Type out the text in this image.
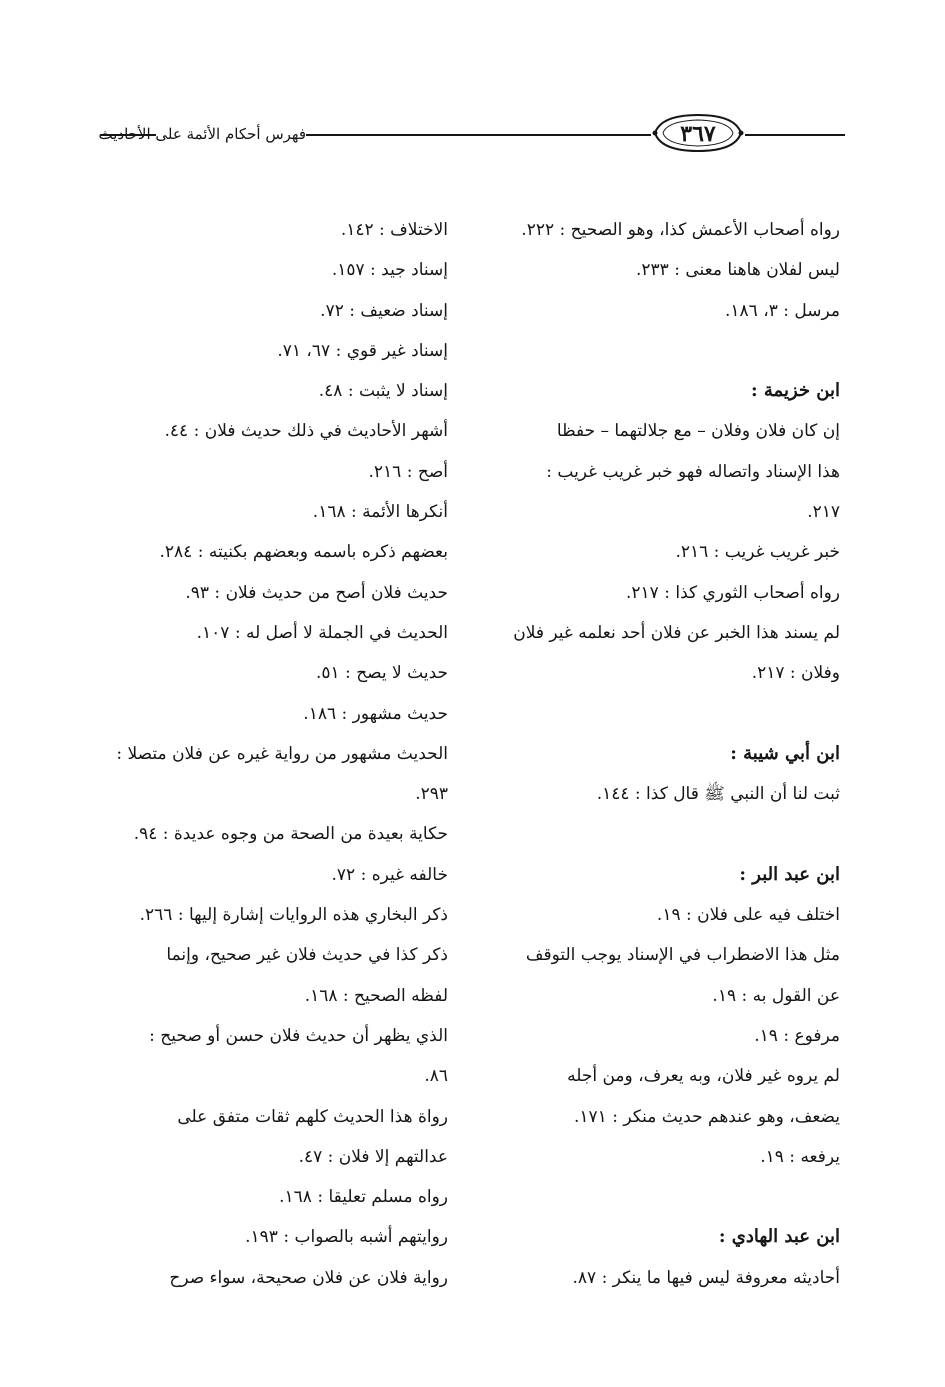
فهرس أحكام الأئمة على الأحاديث	٣٦٧
رواه أصحاب الأعمش كذا، وهو الصحيح : ٢٢٢.
ليس لفلان هاهنا معنى : ٢٣٣.
مرسل : ٣، ١٨٦.
ابن خزيمة :
إن كان فلان وفلان – مع جلالتهما – حفظا
هذا الإسناد واتصاله فهو خبر غريب غريب :
٢١٧.
خبر غريب غريب : ٢١٦.
رواه أصحاب الثوري كذا : ٢١٧.
لم يسند هذا الخبر عن فلان أحد نعلمه غير فلان
وفلان : ٢١٧.
ابن أبي شيبة :
ثبت لنا أن النبي ﷺ قال كذا : ١٤٤.
ابن عبد البر :
اختلف فيه على فلان : ١٩.
مثل هذا الاضطراب في الإسناد يوجب التوقف
عن القول به : ١٩.
مرفوع : ١٩.
لم يروه غير فلان، وبه يعرف، ومن أجله
يضعف، وهو عندهم حديث منكر : ١٧١.
يرفعه : ١٩.
ابن عبد الهادي :
أحاديثه معروفة ليس فيها ما ينكر : ٨٧.
الاختلاف : ١٤٢.
إسناد جيد : ١٥٧.
إسناد ضعيف : ٧٢.
إسناد غير قوي : ٦٧، ٧١.
إسناد لا يثبت : ٤٨.
أشهر الأحاديث في ذلك حديث فلان : ٤٤.
أصح : ٢١٦.
أنكرها الأئمة : ١٦٨.
بعضهم ذكره باسمه وبعضهم بكنيته : ٢٨٤.
حديث فلان أصح من حديث فلان : ٩٣.
الحديث في الجملة لا أصل له : ١٠٧.
حديث لا يصح : ٥١.
حديث مشهور : ١٨٦.
الحديث مشهور من رواية غيره عن فلان متصلا :
٢٩٣.
حكاية بعيدة من الصحة من وجوه عديدة : ٩٤.
خالفه غيره : ٧٢.
ذكر البخاري هذه الروايات إشارة إليها : ٢٦٦.
ذكر كذا في حديث فلان غير صحيح، وإنما
لفظه الصحيح : ١٦٨.
الذي يظهر أن حديث فلان حسن أو صحيح :
٨٦.
رواة هذا الحديث كلهم ثقات متفق على
عدالتهم إلا فلان : ٤٧.
رواه مسلم تعليقا : ١٦٨.
روايتهم أشبه بالصواب : ١٩٣.
رواية فلان عن فلان صحيحة، سواء صرح
